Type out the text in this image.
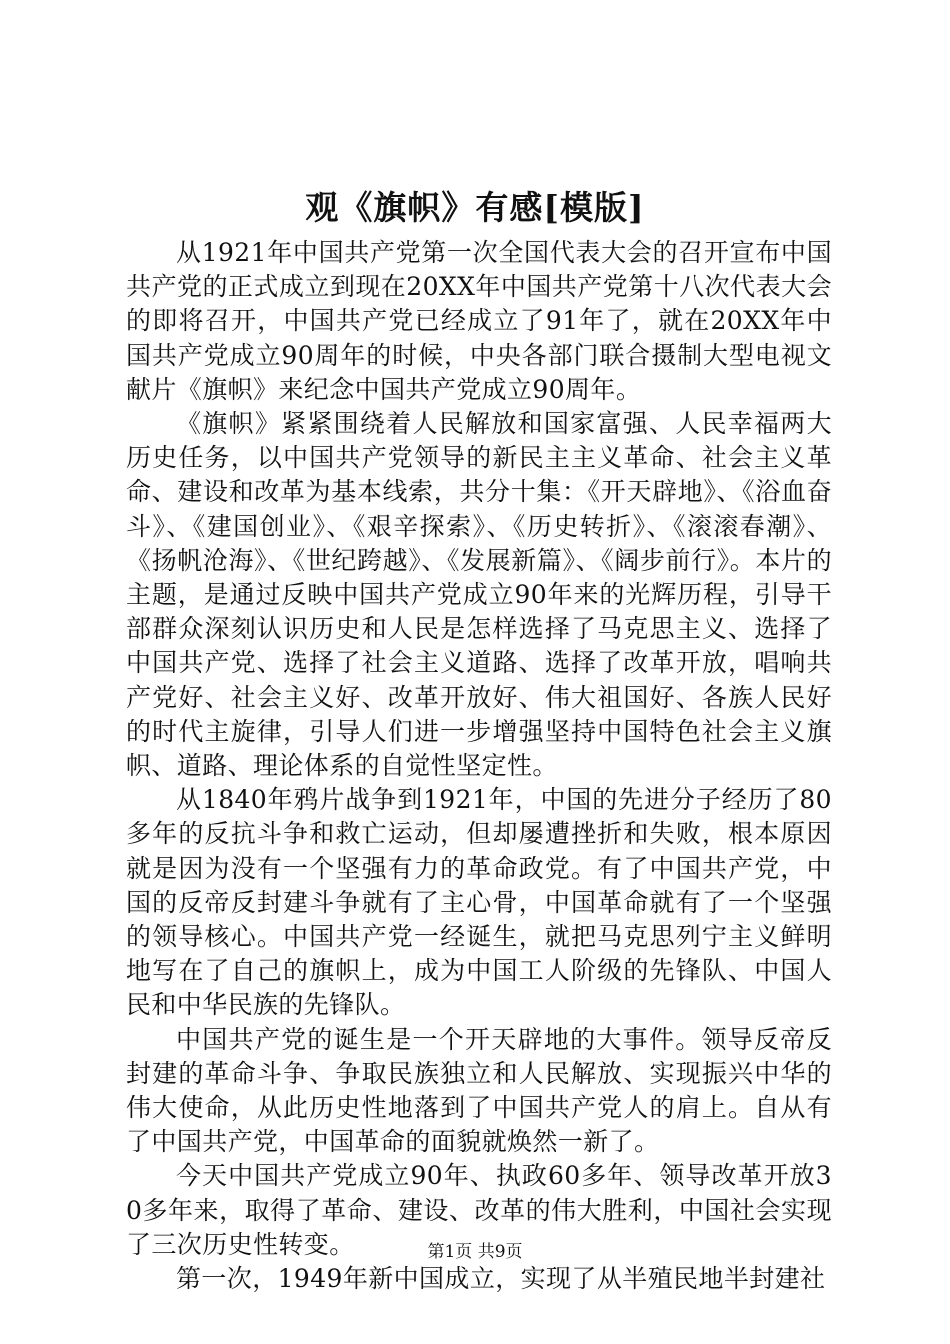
观《旗帜》有感[模版]

从1921年中国共产党第一次全国代表大会的召开宣布中国共产党的正式成立到现在20XX年中国共产党第十八次代表大会的即将召开，中国共产党已经成立了91年了，就在20XX年中国共产党成立90周年的时候，中央各部门联合摄制大型电视文献片《旗帜》来纪念中国共产党成立90周年。

《旗帜》紧紧围绕着人民解放和国家富强、人民幸福两大历史任务，以中国共产党领导的新民主主义革命、社会主义革命、建设和改革为基本线索，共分十集：《开天辟地》、《浴血奋斗》、《建国创业》、《艰辛探索》、《历史转折》、《滚滚春潮》、《扬帆沧海》、《世纪跨越》、《发展新篇》、《阔步前行》。本片的主题，是通过反映中国共产党成立90年来的光辉历程，引导干部群众深刻认识历史和人民是怎样选择了马克思主义、选择了中国共产党、选择了社会主义道路、选择了改革开放，唱响共产党好、社会主义好、改革开放好、伟大祖国好、各族人民好的时代主旋律，引导人们进一步增强坚持中国特色社会主义旗帜、道路、理论体系的自觉性坚定性。

从1840年鸦片战争到1921年，中国的先进分子经历了80多年的反抗斗争和救亡运动，但却屡遭挫折和失败，根本原因就是因为没有一个坚强有力的革命政党。有了中国共产党，中国的反帝反封建斗争就有了主心骨，中国革命就有了一个坚强的领导核心。中国共产党一经诞生，就把马克思列宁主义鲜明地写在了自己的旗帜上，成为中国工人阶级的先锋队、中国人民和中华民族的先锋队。

中国共产党的诞生是一个开天辟地的大事件。领导反帝反封建的革命斗争、争取民族独立和人民解放、实现振兴中华的伟大使命，从此历史性地落到了中国共产党人的肩上。自从有了中国共产党，中国革命的面貌就焕然一新了。

今天中国共产党成立90年、执政60多年、领导改革开放30多年来，取得了革命、建设、改革的伟大胜利，中国社会实现了三次历史性转变。

第一次，1949年新中国成立，实现了从半殖民地半封建社

第1页 共9页
